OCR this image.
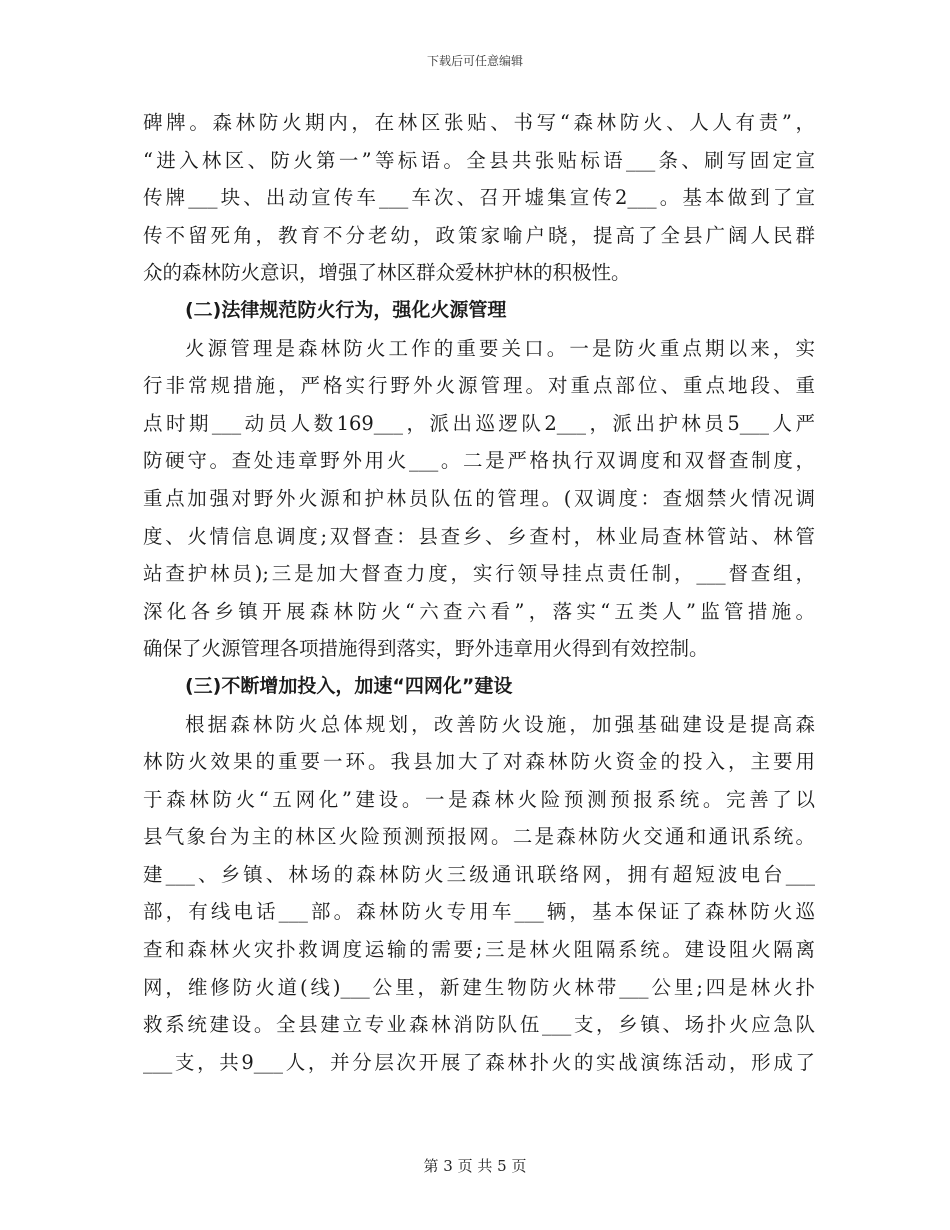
下载后可任意编辑
碑牌。森林防火期内，在林区张贴、书写“森林防火、人人有责”，
“进入林区、防火第一”等标语。全县共张贴标语___条、刷写固定宣
传牌___块、出动宣传车___车次、召开墟集宣传2___。基本做到了宣
传不留死角，教育不分老幼，政策家喻户晓，提高了全县广阔人民群
众的森林防火意识，增强了林区群众爱林护林的积极性。
(二)法律规范防火行为，强化火源管理
火源管理是森林防火工作的重要关口。一是防火重点期以来，实
行非常规措施，严格实行野外火源管理。对重点部位、重点地段、重
点时期___动员人数169___，派出巡逻队2___，派出护林员5___人严
防硬守。查处违章野外用火___。二是严格执行双调度和双督查制度，
重点加强对野外火源和护林员队伍的管理。(双调度：查烟禁火情况调
度、火情信息调度;双督查：县查乡、乡查村，林业局查林管站、林管
站查护林员);三是加大督查力度，实行领导挂点责任制，___督查组，
深化各乡镇开展森林防火“六查六看”，落实“五类人”监管措施。
确保了火源管理各项措施得到落实，野外违章用火得到有效控制。
(三)不断增加投入，加速“四网化”建设
根据森林防火总体规划，改善防火设施，加强基础建设是提高森
林防火效果的重要一环。我县加大了对森林防火资金的投入，主要用
于森林防火“五网化”建设。一是森林火险预测预报系统。完善了以
县气象台为主的林区火险预测预报网。二是森林防火交通和通讯系统。
建___、乡镇、林场的森林防火三级通讯联络网，拥有超短波电台___
部，有线电话___部。森林防火专用车___辆，基本保证了森林防火巡
查和森林火灾扑救调度运输的需要;三是林火阻隔系统。建设阻火隔离
网，维修防火道(线)___公里，新建生物防火林带___公里;四是林火扑
救系统建设。全县建立专业森林消防队伍___支，乡镇、场扑火应急队
___支，共9___人，并分层次开展了森林扑火的实战演练活动，形成了
第 3 页 共 5 页
